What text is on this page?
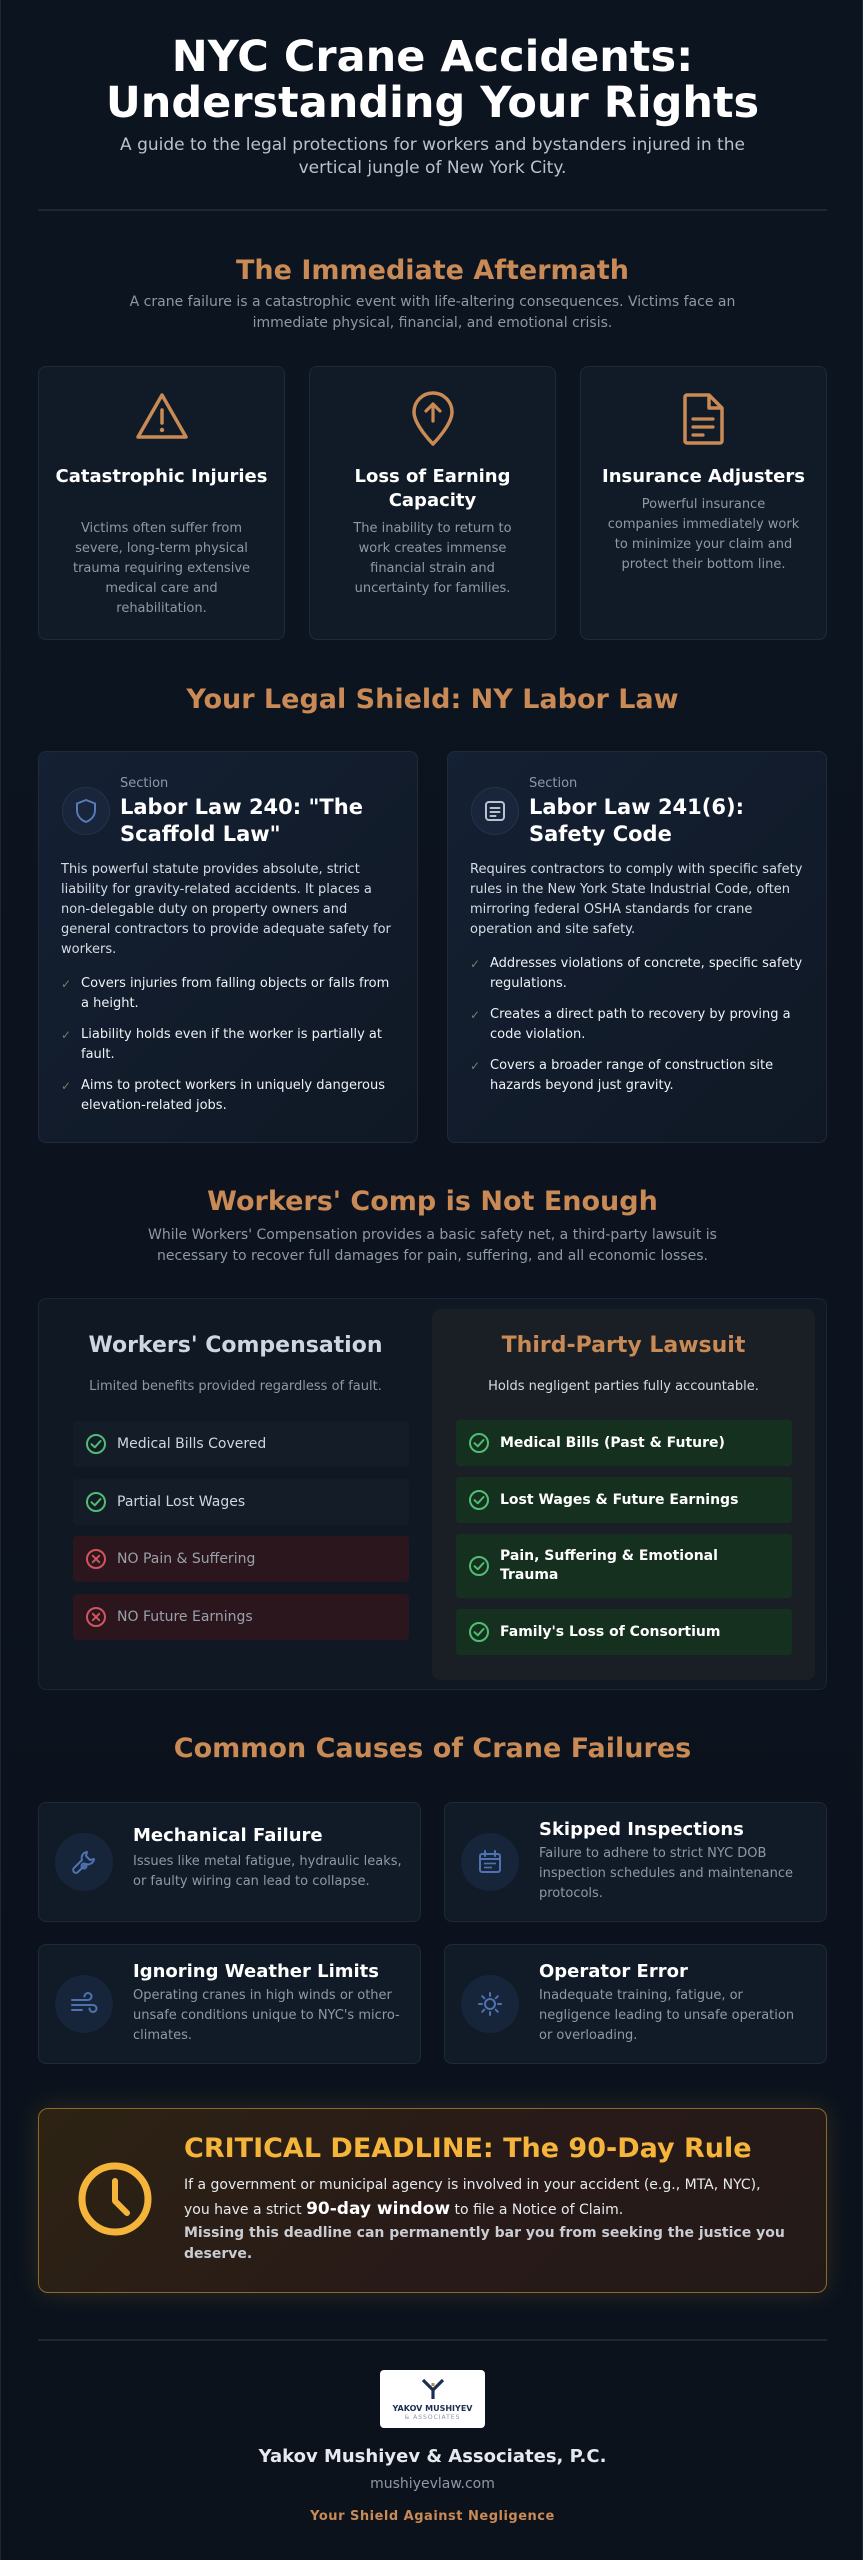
NYC Crane Accidents: Understanding Your Rights

A guide to the legal protections for workers and bystanders injured in the vertical jungle of New York City.

The Immediate Aftermath

A crane failure is a catastrophic event with life-altering consequences. Victims face an immediate physical, financial, and emotional crisis.

Catastrophic Injuries

Victims often suffer from severe, long-term physical trauma requiring extensive medical care and rehabilitation.

Loss of Earning Capacity

The inability to return to work creates immense financial strain and uncertainty for families.

Insurance Adjusters

Powerful insurance companies immediately work to minimize your claim and protect their bottom line.

Your Legal Shield: NY Labor Law
Section
Labor Law 240: "The Scaffold Law"

This powerful statute provides absolute, strict liability for gravity-related accidents. It places a non-delegable duty on property owners and general contractors to provide adequate safety for workers.

✓ Covers injuries from falling objects or falls from a height.
✓ Liability holds even if the worker is partially at fault.
✓ Aims to protect workers in uniquely dangerous elevation-related jobs.
Section
Labor Law 241(6): Safety Code

Requires contractors to comply with specific safety rules in the New York State Industrial Code, often mirroring federal OSHA standards for crane operation and site safety.

✓ Addresses violations of concrete, specific safety regulations.
✓ Creates a direct path to recovery by proving a code violation.
✓ Covers a broader range of construction site hazards beyond just gravity.
Workers' Comp is Not Enough

While Workers' Compensation provides a basic safety net, a third-party lawsuit is necessary to recover full damages for pain, suffering, and all economic losses.

Workers' Compensation
Limited benefits provided regardless of fault.
Medical Bills Covered
Partial Lost Wages
NO Pain & Suffering
NO Future Earnings
Third-Party Lawsuit
Holds negligent parties fully accountable.
Medical Bills (Past & Future)
Lost Wages & Future Earnings
Pain, Suffering & Emotional Trauma
Family's Loss of Consortium
Common Causes of Crane Failures
Mechanical Failure

Issues like metal fatigue, hydraulic leaks, or faulty wiring can lead to collapse.

Skipped Inspections

Failure to adhere to strict NYC DOB inspection schedules and maintenance protocols.

Ignoring Weather Limits

Operating cranes in high winds or other unsafe conditions unique to NYC's micro-climates.

Operator Error

Inadequate training, fatigue, or negligence leading to unsafe operation or overloading.

CRITICAL DEADLINE: The 90-Day Rule

If a government or municipal agency is involved in your accident (e.g., MTA, NYC), you have a strict 90-day window to file a Notice of Claim.

Missing this deadline can permanently bar you from seeking the justice you deserve.

YAKOV MUSHIYEV
& ASSOCIATES
Yakov Mushiyev & Associates, P.C.
mushiyevlaw.com
Your Shield Against Negligence
